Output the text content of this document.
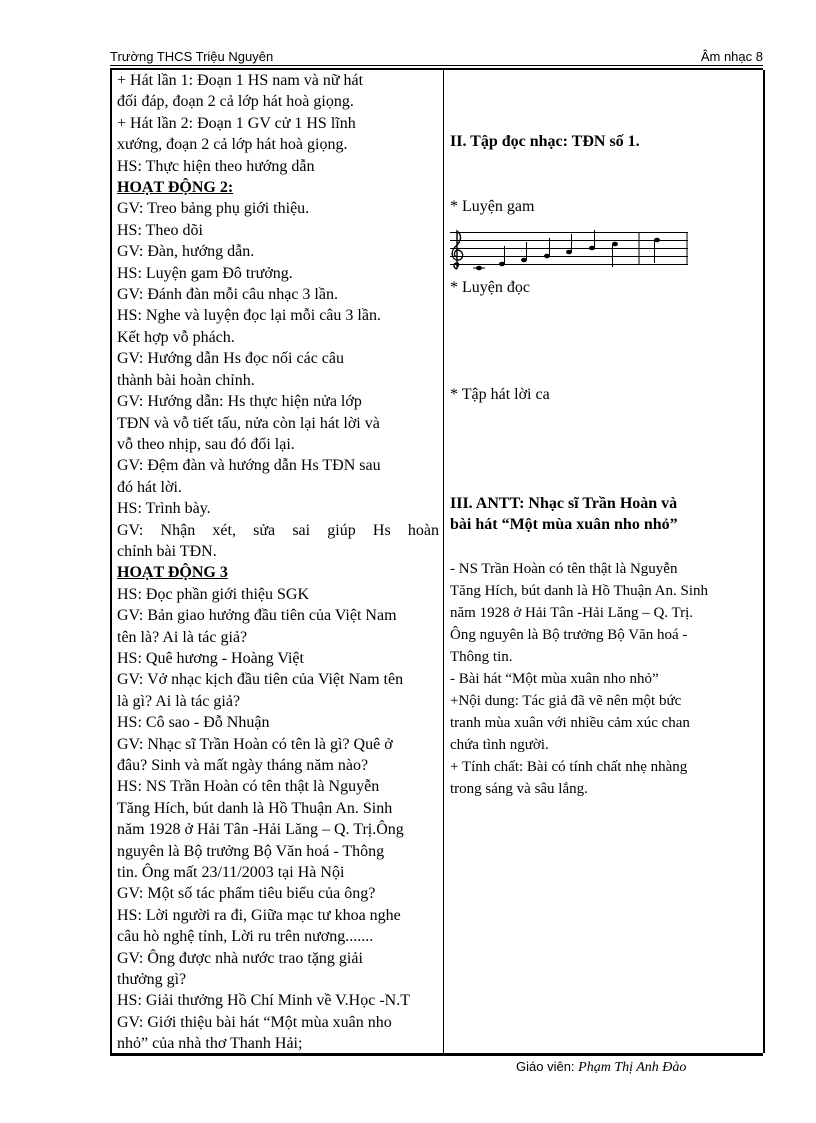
Trường THCS Triệu Nguyên	Âm nhạc 8
+ Hát lần 1: Đoạn 1 HS nam và nữ hát
đối đáp, đoạn 2 cả lớp hát hoà giọng.
+ Hát lần 2: Đoạn 1 GV cử 1 HS lĩnh
xướng, đoạn 2 cả lớp hát hoà giọng.
HS: Thực hiện theo hướng dẫn
HOẠT ĐỘNG 2:
GV: Treo bảng phụ giới thiệu.
HS: Theo dõi
GV: Đàn, hướng dẫn.
HS: Luyện gam Đô trưởng.
GV: Đánh đàn mỗi câu nhạc 3 lần.
HS: Nghe và luyện đọc lại mỗi câu 3 lần.
Kết hợp vỗ phách.
GV: Hướng dẫn Hs đọc nối các câu
thành bài hoàn chỉnh.
GV: Hướng dẫn: Hs thực hiện nửa lớp
TĐN và vỗ tiết tấu, nửa còn lại hát lời và
vỗ theo nhịp, sau đó đổi lại.
GV: Đệm đàn và hướng dẫn Hs TĐN sau
đó hát lời.
HS: Trình bày.
GV: Nhận xét, sửa sai giúp Hs hoàn
chỉnh bài TĐN.
HOẠT ĐỘNG 3
HS: Đọc phần giới thiệu SGK
GV: Bản giao hưởng đầu tiên của Việt Nam
tên là? Ai là tác giả?
HS: Quê hương - Hoàng Việt
GV: Vở nhạc kịch đầu tiên của Việt Nam tên
là gì? Ai là tác giả?
HS: Cô sao - Đỗ Nhuận
GV: Nhạc sĩ Trần Hoàn có tên là gì? Quê ở
đâu? Sinh và mất ngày tháng năm nào?
HS: NS Trần Hoàn có tên thật là Nguyễn
Tăng Hích, bút danh là Hồ Thuận An. Sinh
năm 1928 ở Hải Tân -Hải Lăng – Q. Trị.Ông
nguyên là Bộ trưởng Bộ Văn hoá - Thông
tin. Ông mất 23/11/2003 tại Hà Nội
GV: Một số tác phẩm tiêu biểu của ông?
HS: Lời người ra đi, Giữa mạc tư khoa nghe
câu hò nghệ tỉnh, Lời ru trên nương.......
GV: Ông được nhà nước trao tặng giải
thưởng gì?
HS: Giải thưởng Hồ Chí Minh về V.Học -N.T
GV: Giới thiệu bài hát “Một mùa xuân nho
nhỏ” của nhà thơ Thanh Hải;
II. Tập đọc nhạc: TĐN số 1.
* Luyện gam
* Luyện đọc
* Tập hát lời ca
III. ANTT: Nhạc sĩ Trần Hoàn và
bài hát “Một mùa xuân nho nhỏ”
- NS Trần Hoàn có tên thật là Nguyễn
Tăng Hích, bút danh là Hồ Thuận An. Sinh
năm 1928 ở Hải Tân -Hải Lăng – Q. Trị.
Ông nguyên là Bộ trưởng Bộ Văn hoá -
Thông tin.
- Bài hát “Một mùa xuân nho nhỏ”
+Nội dung: Tác giả đã vẽ nên một bức
tranh mùa xuân với nhiều cảm xúc chan
chứa tình người.
+ Tính chất: Bài có tính chất nhẹ nhàng
trong sáng và sâu lắng.
Giáo viên: Phạm Thị Anh Đào
